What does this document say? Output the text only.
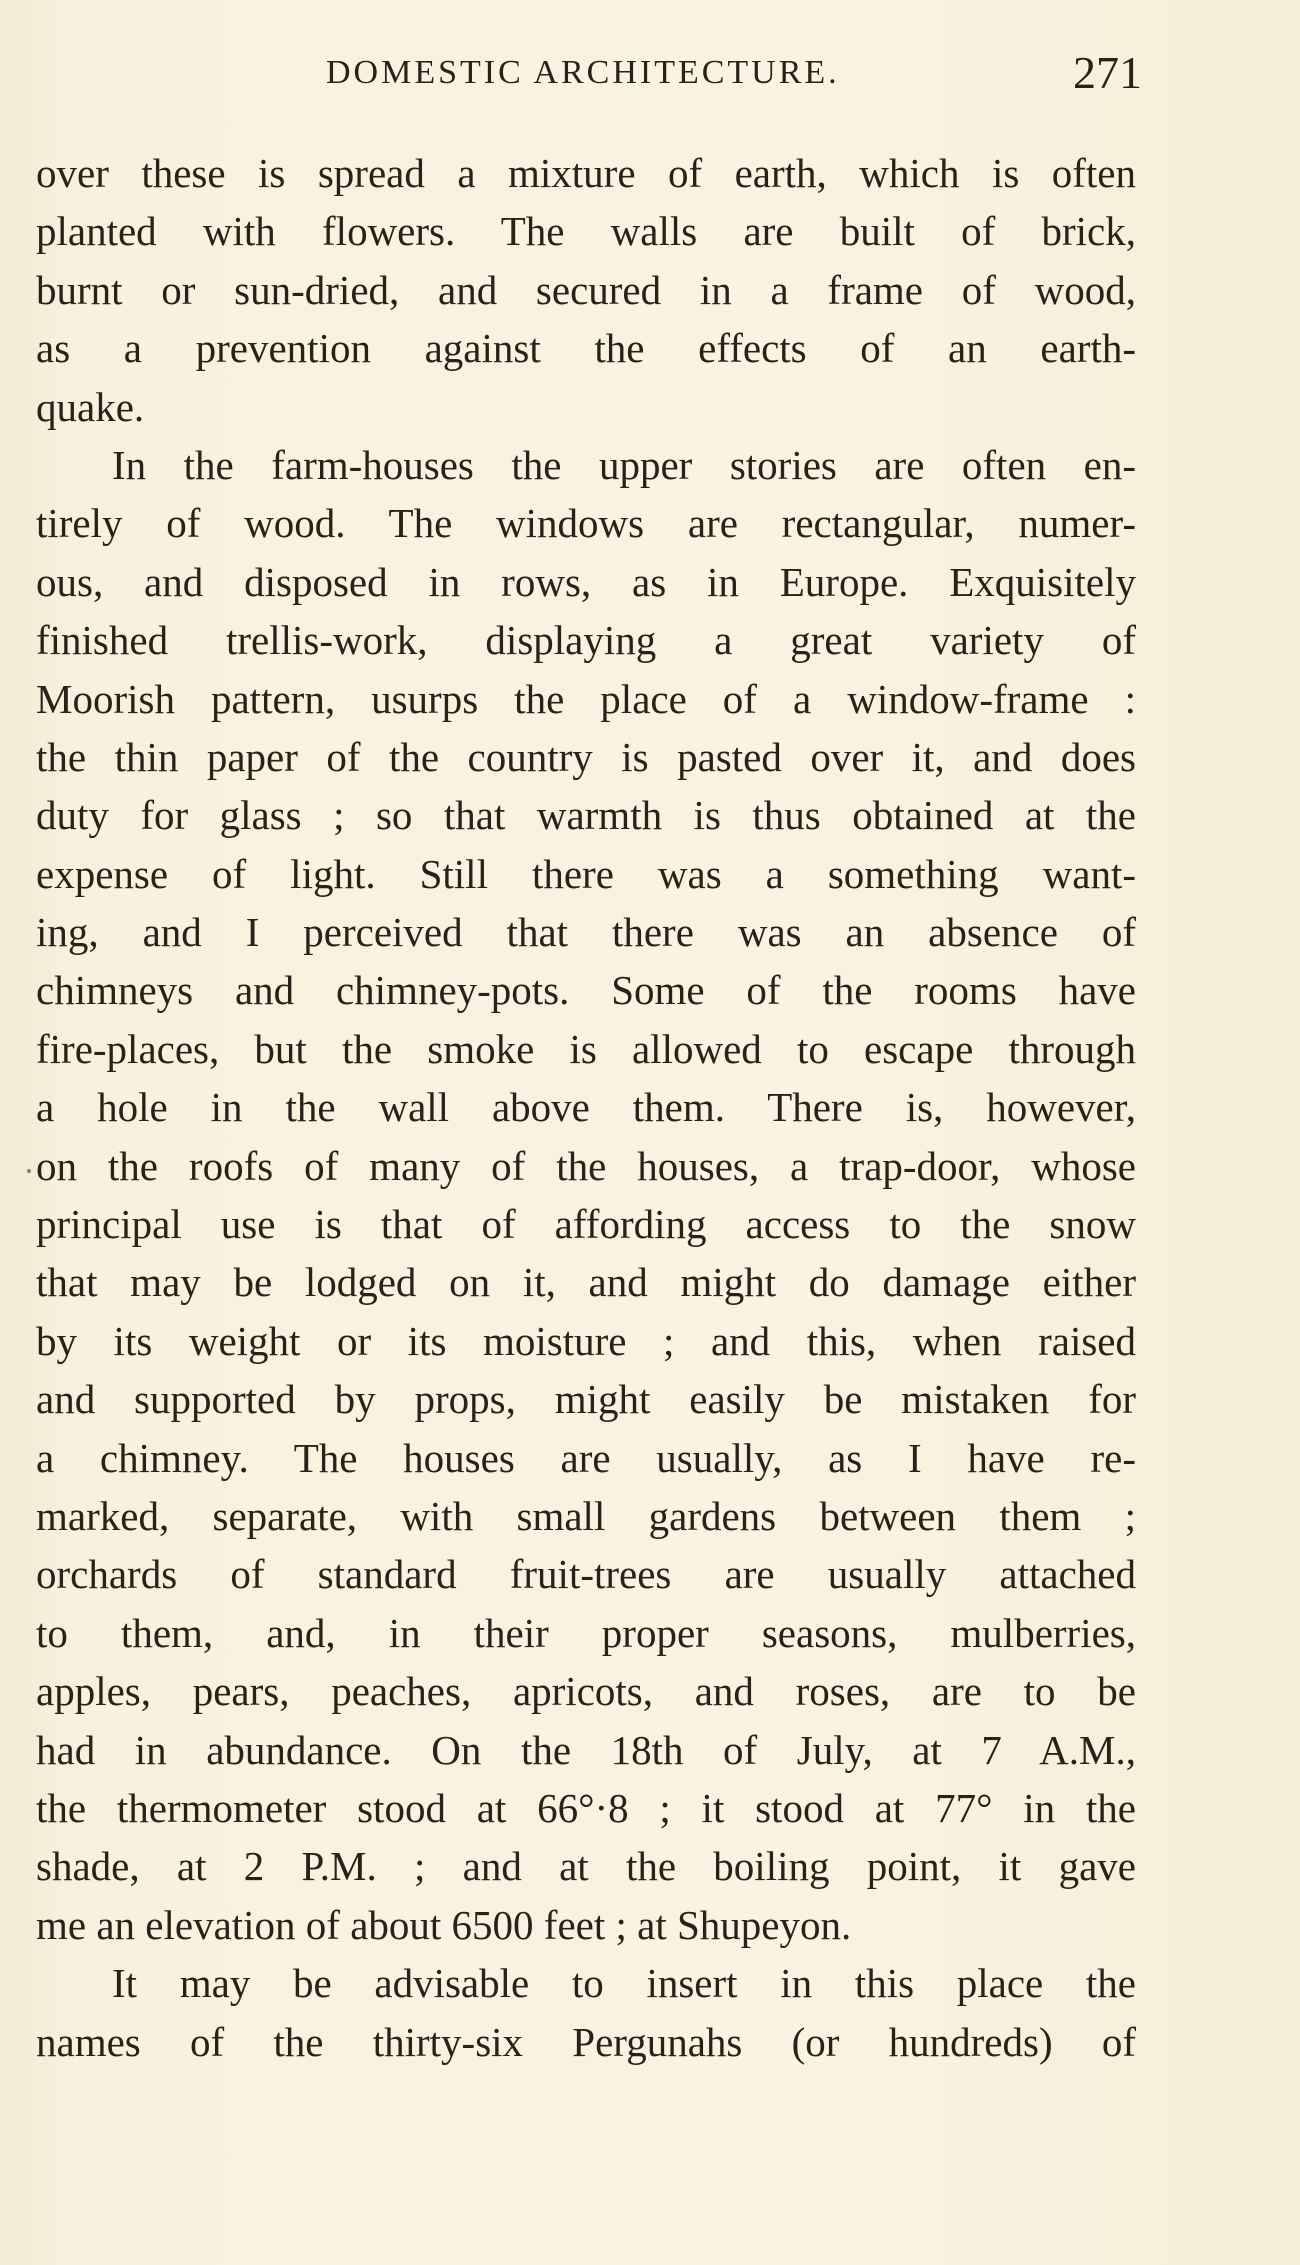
DOMESTIC ARCHITECTURE.	271
over these is spread a mixture of earth, which is often
planted with flowers. The walls are built of brick,
burnt or sun-dried, and secured in a frame of wood,
as a prevention against the effects of an earth-
quake.
In the farm-houses the upper stories are often en-
tirely of wood. The windows are rectangular, numer-
ous, and disposed in rows, as in Europe. Exquisitely
finished trellis-work, displaying a great variety of
Moorish pattern, usurps the place of a window-frame :
the thin paper of the country is pasted over it, and does
duty for glass ; so that warmth is thus obtained at the
expense of light. Still there was a something want-
ing, and I perceived that there was an absence of
chimneys and chimney-pots. Some of the rooms have
fire-places, but the smoke is allowed to escape through
a hole in the wall above them. There is, however,
on the roofs of many of the houses, a trap-door, whose
principal use is that of affording access to the snow
that may be lodged on it, and might do damage either
by its weight or its moisture ; and this, when raised
and supported by props, might easily be mistaken for
a chimney. The houses are usually, as I have re-
marked, separate, with small gardens between them ;
orchards of standard fruit-trees are usually attached
to them, and, in their proper seasons, mulberries,
apples, pears, peaches, apricots, and roses, are to be
had in abundance. On the 18th of July, at 7 A.M.,
the thermometer stood at 66°·8 ; it stood at 77° in the
shade, at 2 P.M. ; and at the boiling point, it gave
me an elevation of about 6500 feet ; at Shupeyon.
It may be advisable to insert in this place the
names of the thirty-six Pergunahs (or hundreds) of
